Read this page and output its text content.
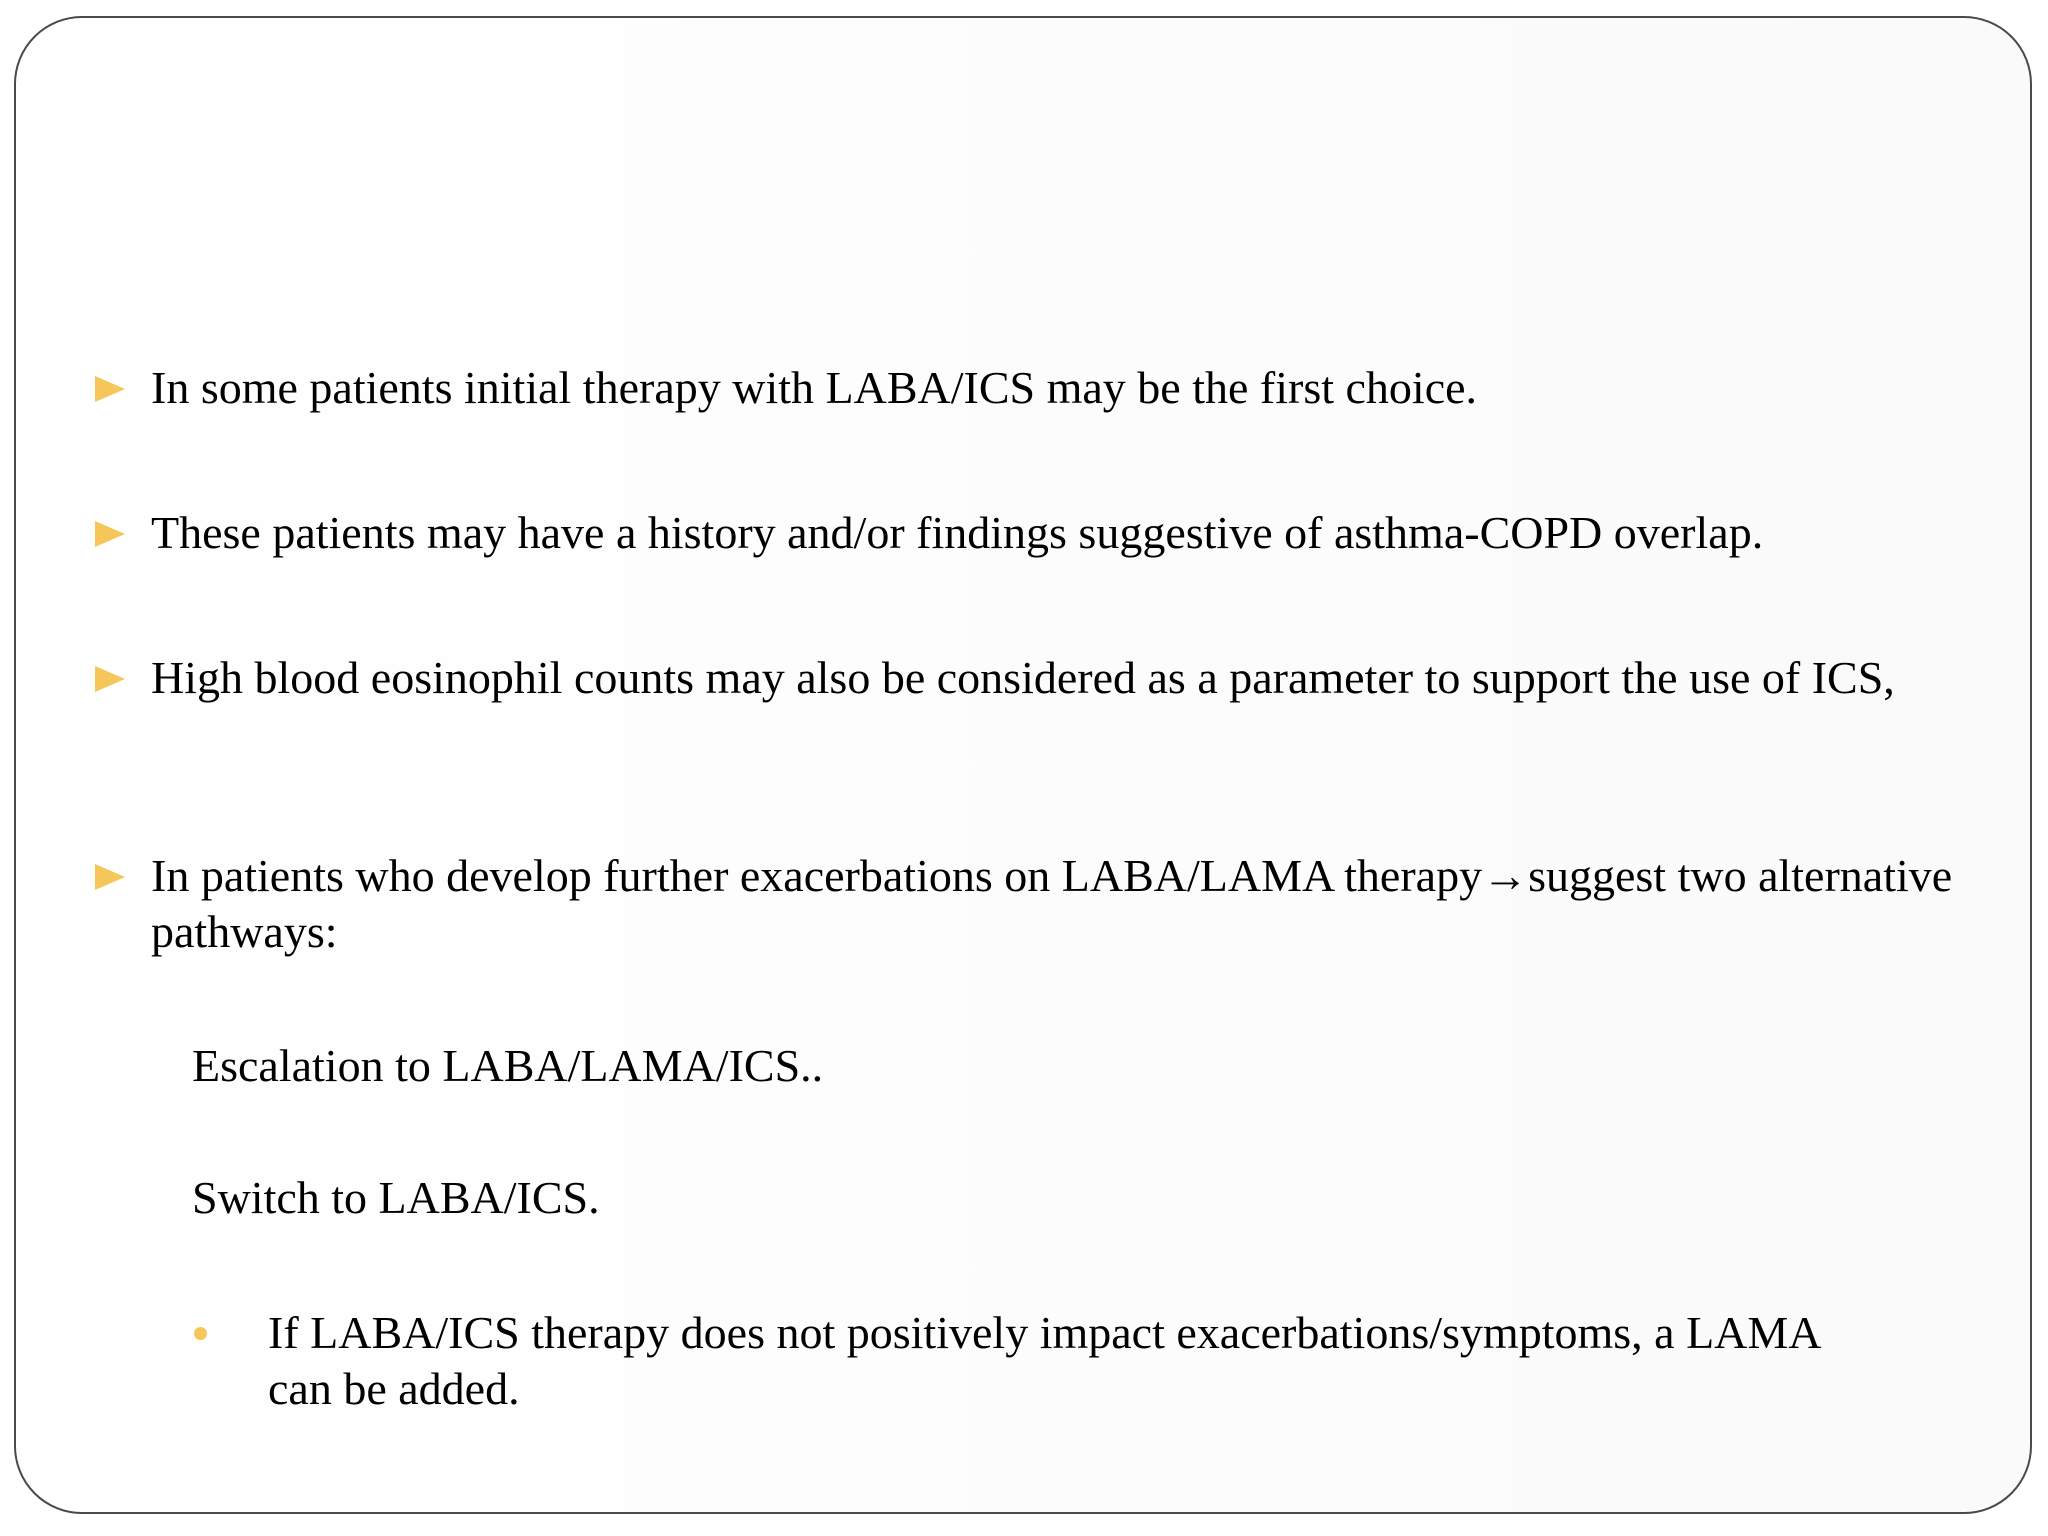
In some patients initial therapy with LABA/ICS may be the first choice.
These patients may have a history and/or findings suggestive of asthma-COPD overlap.
High blood eosinophil counts may also be considered as a parameter to support the use of ICS,
In patients who develop further exacerbations on LABA/LAMA therapy→suggest two alternative pathways:
Escalation to LABA/LAMA/ICS..
Switch to LABA/ICS.
If LABA/ICS therapy does not positively impact exacerbations/symptoms, a LAMA can be added.
